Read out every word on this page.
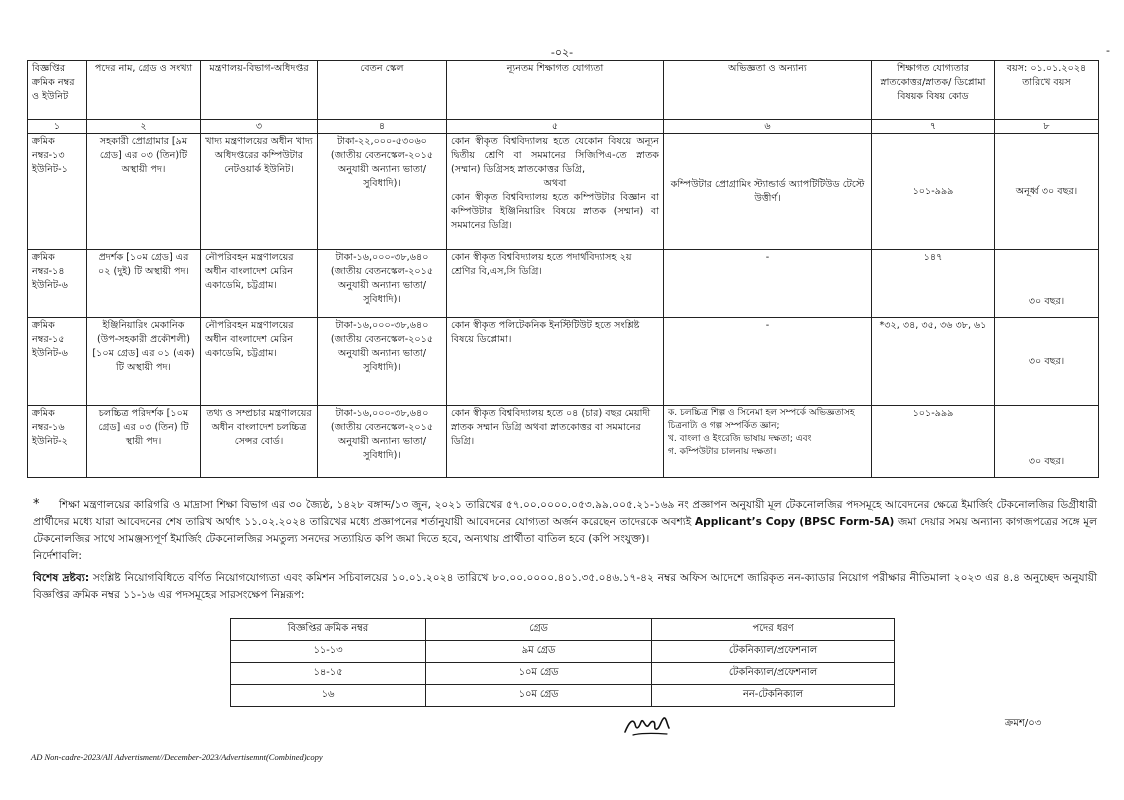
-০২-	-
বিজ্ঞপ্তির ক্রমিক নম্বর ও ইউনিট	পদের নাম, গ্রেড ও সংখ্যা	মন্ত্রণালয়-বিভাগ-অধিদপ্তর	বেতন স্কেল	ন্যূনতম শিক্ষাগত যোগ্যতা	অভিজ্ঞতা ও অন্যান্য	শিক্ষাগত যোগ্যতার স্নাতকোত্তর/স্নাতক/ ডিপ্লোমা বিষয়ক বিষয় কোড	বয়স: ০১.০১.২০২৪ তারিখে বয়স
১	২	৩	৪	৫	৬	৭	৮
ক্রমিক নম্বর-১৩ ইউনিট-১	সহকারী প্রোগ্রামার [৯ম গ্রেড] এর ০৩ (তিন)টি অস্থায়ী পদ।	খাদ্য মন্ত্রণালয়ের অধীন খাদ্য অধিদপ্তরের কম্পিউটার নেটওয়ার্ক ইউনিট।	টাকা-২২,০০০-৫৩০৬০ (জাতীয় বেতনস্কেল-২০১৫ অনুযায়ী অন্যান্য ভাতা/সুবিধাদি)।	কোন স্বীকৃত বিশ্ববিদ্যালয় হতে যেকোন বিষয়ে অন্যূন দ্বিতীয় শ্রেণি বা সমমানের সিজিপিএ-তে স্নাতক (সম্মান) ডিগ্রিসহ স্নাতকোত্তর ডিগ্রি,

অথবা

কোন স্বীকৃত বিশ্ববিদ্যালয় হতে কম্পিউটার বিজ্ঞান বা কম্পিউটার ইঞ্জিনিয়ারিং বিষয়ে স্নাতক (সম্মান) বা সমমানের ডিগ্রি।	কম্পিউটার প্রোগ্রামিং স্ট্যান্ডার্ড অ্যাপটিটিউড টেস্টে উত্তীর্ণ।	১০১-৯৯৯	অনূর্ধ্ব ৩০ বছর।
ক্রমিক নম্বর-১৪ ইউনিট-৬	প্রদর্শক [১০ম গ্রেড] এর ০২ (দুই) টি অস্থায়ী পদ।	নৌপরিবহন মন্ত্রণালয়ের অধীন বাংলাদেশ মেরিন একাডেমি, চট্টগ্রাম।	টাকা-১৬,০০০-৩৮,৬৪০ (জাতীয় বেতনস্কেল-২০১৫ অনুযায়ী অন্যান্য ভাতা/ সুবিধাদি)।	কোন স্বীকৃত বিশ্ববিদ্যালয় হতে পদার্থবিদ্যাসহ ২য় শ্রেণির বি,এস,সি ডিগ্রি।	-	১৪৭	৩০ বছর।
ক্রমিক নম্বর-১৫ ইউনিট-৬	ইঞ্জিনিয়ারিং মেকানিক (উপ-সহকারী প্রকৌশলী) [১০ম গ্রেড] এর ০১ (এক) টি অস্থায়ী পদ।	নৌপরিবহন মন্ত্রণালয়ের অধীন বাংলাদেশ মেরিন একাডেমি, চট্টগ্রাম।	টাকা-১৬,০০০-৩৮,৬৪০ (জাতীয় বেতনস্কেল-২০১৫ অনুযায়ী অন্যান্য ভাতা/ সুবিধাদি)।	কোন স্বীকৃত পলিটেকনিক ইনস্টিটিউট হতে সংশ্লিষ্ট বিষয়ে ডিপ্লোমা।	-	*৩২, ৩৪, ৩৫, ৩৬ ৩৮, ৬১	৩০ বছর।
ক্রমিক নম্বর-১৬ ইউনিট-২	চলচ্চিত্র পরিদর্শক [১০ম গ্রেড] এর ০৩ (তিন) টি স্থায়ী পদ।	তথ্য ও সম্প্রচার মন্ত্রণালয়ের অধীন বাংলাদেশ চলচ্চিত্র সেন্সর বোর্ড।	টাকা-১৬,০০০-৩৮,৬৪০ (জাতীয় বেতনস্কেল-২০১৫ অনুযায়ী অন্যান্য ভাতা/ সুবিধাদি)।	কোন স্বীকৃত বিশ্ববিদ্যালয় হতে ০৪ (চার) বছর মেয়াদী স্নাতক সম্মান ডিগ্রি অথবা স্নাতকোত্তর বা সমমানের ডিগ্রি।	ক. চলচ্চিত্র শিল্প ও সিনেমা হল সম্পর্কে অভিজ্ঞতাসহ চিত্রনাট্য ও গল্প সম্পর্কিত জ্ঞান;

খ. বাংলা ও ইংরেজি ভাষায় দক্ষতা; এবং

গ. কম্পিউটার চালনায় দক্ষতা।	১০১-৯৯৯	৩০ বছর।

* শিক্ষা মন্ত্রণালয়ের কারিগরি ও মাদ্রাসা শিক্ষা বিভাগ এর ৩০ জ্যৈষ্ঠ, ১৪২৮ বঙ্গাব্দ/১৩ জুন, ২০২১ তারিখের ৫৭.০০.০০০০.০৫৩.৯৯.০০৫.২১-১৬৯ নং প্রজ্ঞাপন অনুযায়ী মূল টেকনোলজির পদসমূহে আবেদনের ক্ষেত্রে ইমার্জিং টেকনোলজির ডিগ্রীধারী প্রার্থীদের মধ্যে যারা আবেদনের শেষ তারিখ অর্থাৎ ১১.০২.২০২৪ তারিখের মধ্যে প্রজ্ঞাপনের শর্তানুযায়ী আবেদনের যোগ্যতা অর্জন করেছেন তাদেরকে অবশ্যই Applicant’s Copy (BPSC Form-5A) জমা দেয়ার সময় অন্যান্য কাগজপত্রের সঙ্গে মূল টেকনোলজির সাথে সামঞ্জস্যপূর্ণ ইমার্জিং টেকনোলজির সমতুল্য সনদের সত্যায়িত কপি জমা দিতে হবে, অন্যথায় প্রার্থীতা বাতিল হবে (কপি সংযুক্ত)।

নির্দেশাবলি:

বিশেষ দ্রষ্টব্য: সংশ্লিষ্ট নিয়োগবিধিতে বর্ণিত নিয়োগযোগ্যতা এবং কমিশন সচিবালয়ের ১০.০১.২০২৪ তারিখে ৮০.০০.০০০০.৪০১.৩৫.০৪৬.১৭-৪২ নম্বর অফিস আদেশে জারিকৃত নন-ক্যাডার নিয়োগ পরীক্ষার নীতিমালা ২০২৩ এর ৪.৪ অনুচ্ছেদ অনুযায়ী বিজ্ঞপ্তির ক্রমিক নম্বর ১১-১৬ এর পদসমূহের সারসংক্ষেপ নিম্নরূপ:

বিজ্ঞপ্তির ক্রমিক নম্বর	গ্রেড	পদের ধরণ
১১-১৩	৯ম গ্রেড	টেকনিক্যাল/প্রফেশনাল
১৪-১৫	১০ম গ্রেড	টেকনিক্যাল/প্রফেশনাল
১৬	১০ম গ্রেড	নন-টেকনিক্যাল
ক্রমশ/০৩
AD Non-cadre-2023/All Advertisment//December-2023/Advertisemnt(Combined)copy
